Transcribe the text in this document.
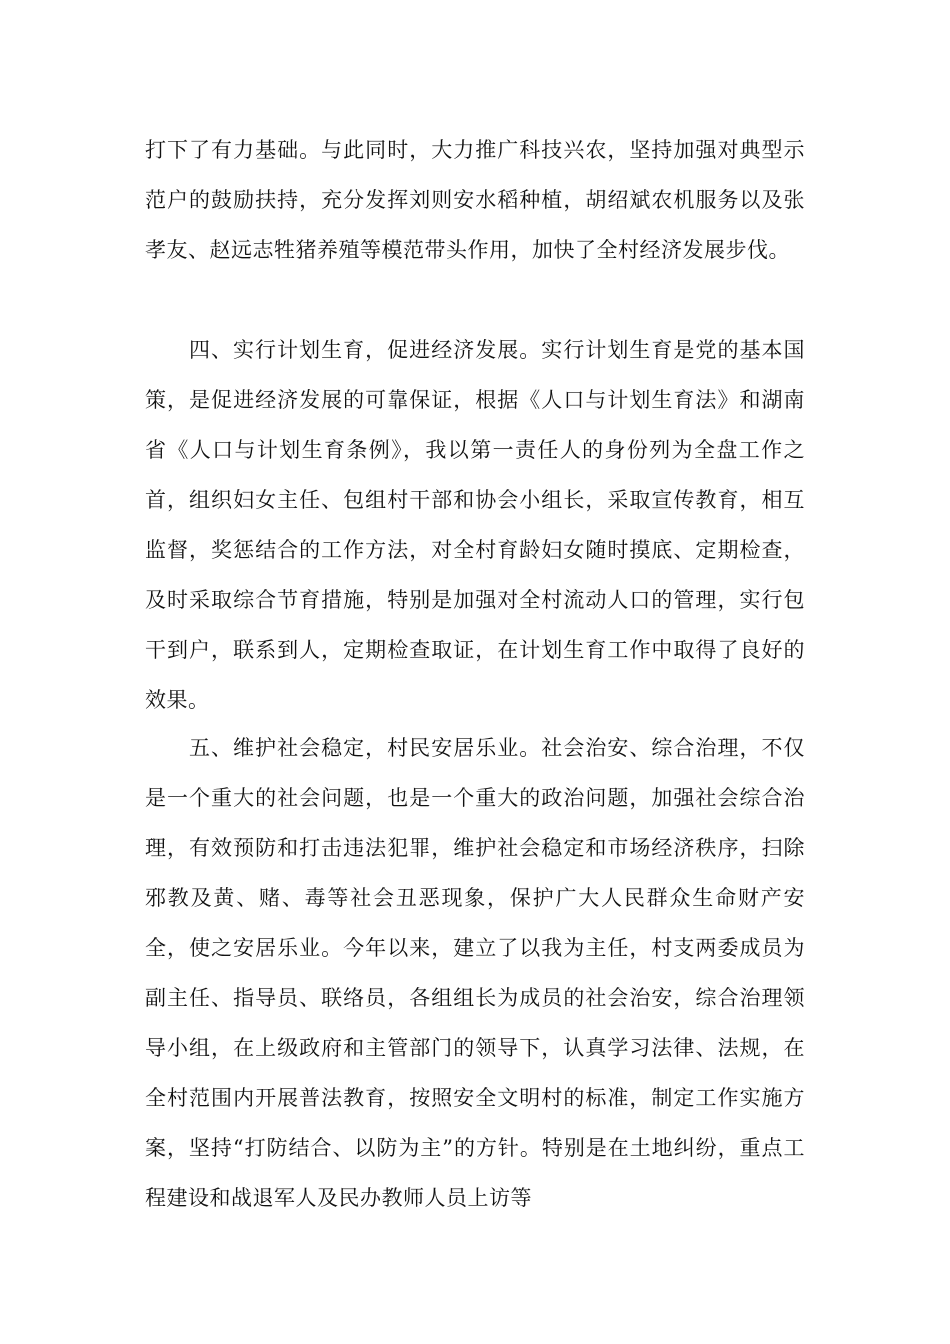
打下了有力基础。与此同时，大力推广科技兴农，坚持加强对典型示范户的鼓励扶持，充分发挥刘则安水稻种植，胡绍斌农机服务以及张孝友、赵远志牲猪养殖等模范带头作用，加快了全村经济发展步伐。

四、实行计划生育，促进经济发展。实行计划生育是党的基本国策，是促进经济发展的可靠保证，根据《人口与计划生育法》和湖南省《人口与计划生育条例》，我以第一责任人的身份列为全盘工作之首，组织妇女主任、包组村干部和协会小组长，采取宣传教育，相互监督，奖惩结合的工作方法，对全村育龄妇女随时摸底、定期检查，及时采取综合节育措施，特别是加强对全村流动人口的管理，实行包干到户，联系到人，定期检查取证，在计划生育工作中取得了良好的效果。

五、维护社会稳定，村民安居乐业。社会治安、综合治理，不仅是一个重大的社会问题，也是一个重大的政治问题，加强社会综合治理，有效预防和打击违法犯罪，维护社会稳定和市场经济秩序，扫除邪教及黄、赌、毒等社会丑恶现象，保护广大人民群众生命财产安全，使之安居乐业。今年以来，建立了以我为主任，村支两委成员为副主任、指导员、联络员，各组组长为成员的社会治安，综合治理领导小组，在上级政府和主管部门的领导下，认真学习法律、法规，在全村范围内开展普法教育，按照安全文明村的标准，制定工作实施方案，坚持“打防结合、以防为主”的方针。特别是在土地纠纷，重点工程建设和战退军人及民办教师人员上访等
